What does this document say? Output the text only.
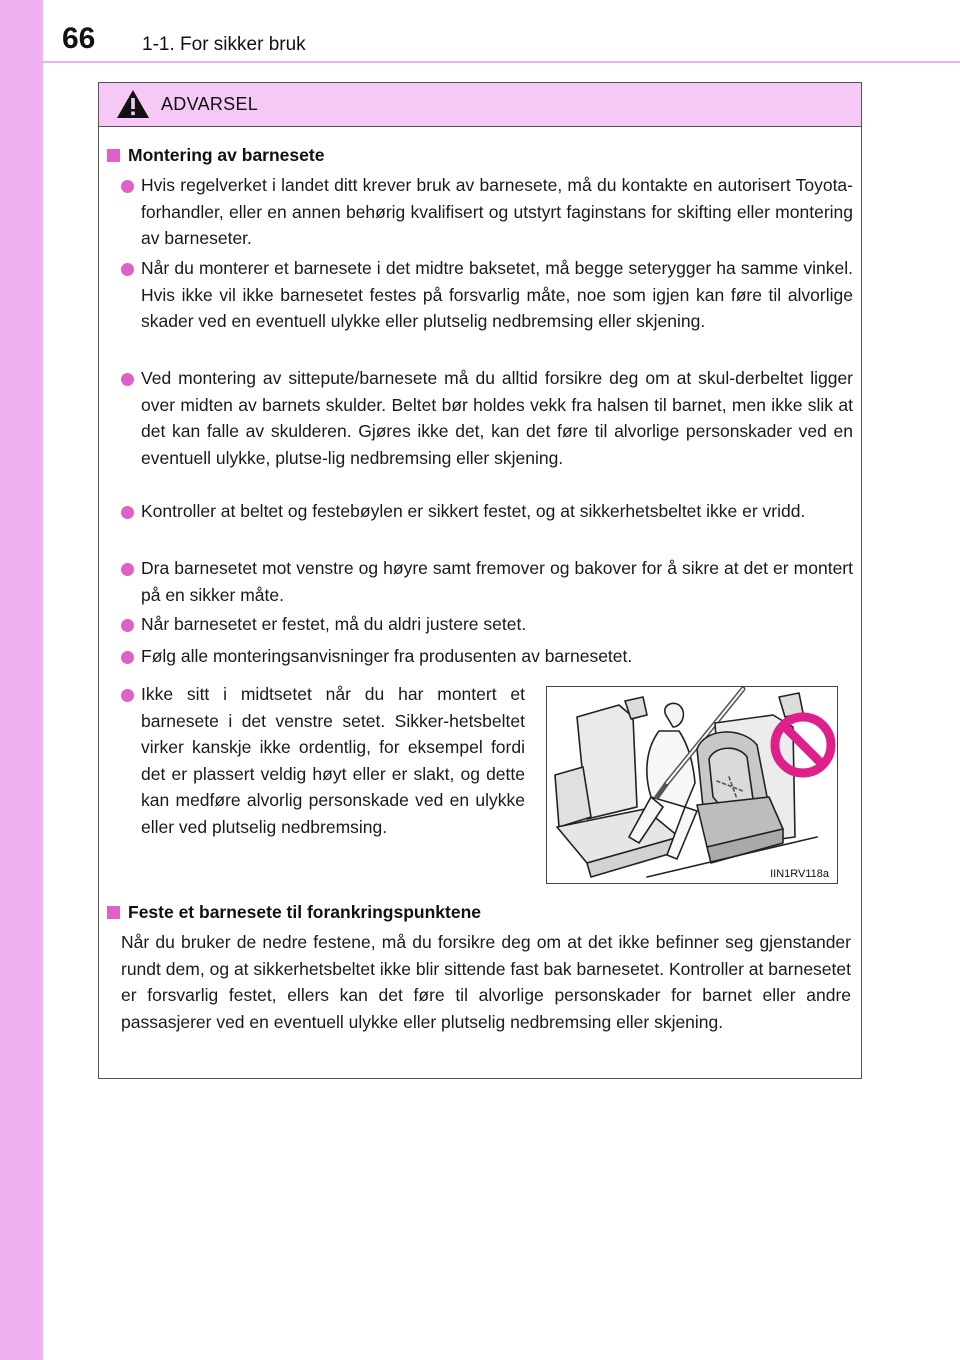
66 1-1. For sikker bruk
ADVARSEL
Montering av barnesete
Hvis regelverket i landet ditt krever bruk av barnesete, må du kontakte en autorisert Toyota-forhandler, eller en annen behørig kvalifisert og utstyrt faginstans for skifting eller montering av barneseter.
Når du monterer et barnesete i det midtre baksetet, må begge seterygger ha samme vinkel. Hvis ikke vil ikke barnesetet festes på forsvarlig måte, noe som igjen kan føre til alvorlige skader ved en eventuell ulykke eller plutselig nedbremsing eller skjening.
Ved montering av sittepute/barnesete må du alltid forsikre deg om at skul-derbeltet ligger over midten av barnets skulder. Beltet bør holdes vekk fra halsen til barnet, men ikke slik at det kan falle av skulderen. Gjøres ikke det, kan det føre til alvorlige personskader ved en eventuell ulykke, plutse-lig nedbremsing eller skjening.
Kontroller at beltet og festebøylen er sikkert festet, og at sikkerhetsbeltet ikke er vridd.
Dra barnesetet mot venstre og høyre samt fremover og bakover for å sikre at det er montert på en sikker måte.
Når barnesetet er festet, må du aldri justere setet.
Følg alle monteringsanvisninger fra produsenten av barnesetet.
Ikke sitt i midtsetet når du har montert et barnesete i det venstre setet. Sikker-hetsbeltet virker kanskje ikke ordentlig, for eksempel fordi det er plassert veldig høyt eller er slakt, og dette kan medføre alvorlig personskade ved en ulykke eller ved plutselig nedbremsing.
IIN1RV118a
Feste et barnesete til forankringspunktene
Når du bruker de nedre festene, må du forsikre deg om at det ikke befinner seg gjenstander rundt dem, og at sikkerhetsbeltet ikke blir sittende fast bak barnesetet. Kontroller at barnesetet er forsvarlig festet, ellers kan det føre til alvorlige personskader for barnet eller andre passasjerer ved en eventuell ulykke eller plutselig nedbremsing eller skjening.
